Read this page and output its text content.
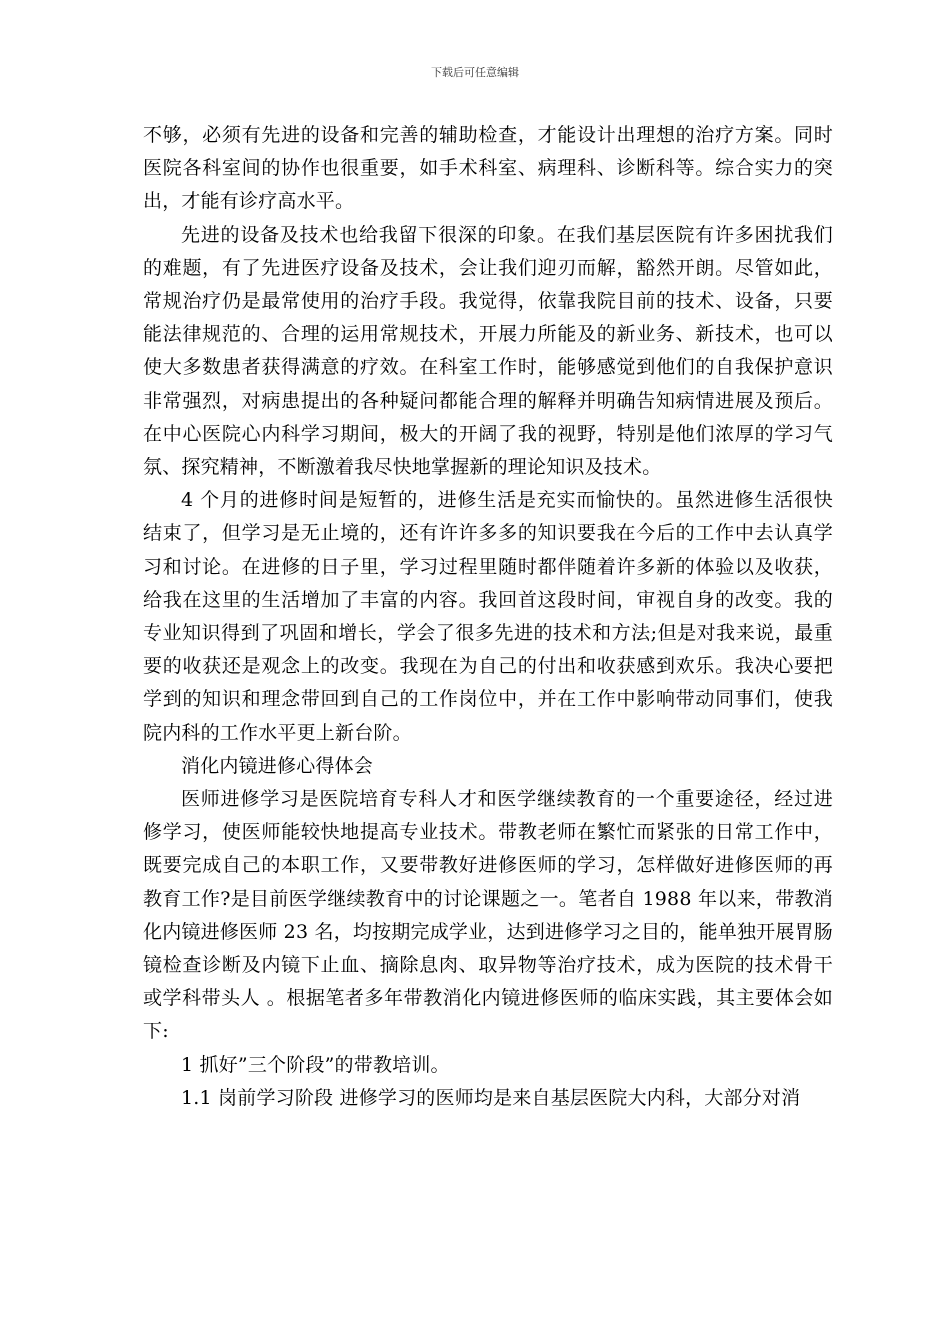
下载后可任意编辑

不够，必须有先进的设备和完善的辅助检查，才能设计出理想的治疗方案。同时医院各科室间的协作也很重要，如手术科室、病理科、诊断科等。综合实力的突出，才能有诊疗高水平。

先进的设备及技术也给我留下很深的印象。在我们基层医院有许多困扰我们的难题，有了先进医疗设备及技术，会让我们迎刃而解，豁然开朗。尽管如此，常规治疗仍是最常使用的治疗手段。我觉得，依靠我院目前的技术、设备，只要能法律规范的、合理的运用常规技术，开展力所能及的新业务、新技术，也可以使大多数患者获得满意的疗效。在科室工作时，能够感觉到他们的自我保护意识非常强烈，对病患提出的各种疑问都能合理的解释并明确告知病情进展及预后。在中心医院心内科学习期间，极大的开阔了我的视野，特别是他们浓厚的学习气氛、探究精神，不断激着我尽快地掌握新的理论知识及技术。

4 个月的进修时间是短暂的，进修生活是充实而愉快的。虽然进修生活很快结束了，但学习是无止境的，还有许许多多的知识要我在今后的工作中去认真学习和讨论。在进修的日子里，学习过程里随时都伴随着许多新的体验以及收获，给我在这里的生活增加了丰富的内容。我回首这段时间，审视自身的改变。我的专业知识得到了巩固和增长，学会了很多先进的技术和方法;但是对我来说，最重要的收获还是观念上的改变。我现在为自己的付出和收获感到欢乐。我决心要把学到的知识和理念带回到自己的工作岗位中，并在工作中影响带动同事们，使我院内科的工作水平更上新台阶。

消化内镜进修心得体会

医师进修学习是医院培育专科人才和医学继续教育的一个重要途径，经过进修学习，使医师能较快地提高专业技术。带教老师在繁忙而紧张的日常工作中，既要完成自己的本职工作，又要带教好进修医师的学习，怎样做好进修医师的再教育工作?是目前医学继续教育中的讨论课题之一。笔者自 1988 年以来，带教消化内镜进修医师 23 名，均按期完成学业，达到进修学习之目的，能单独开展胃肠镜检查诊断及内镜下止血、摘除息肉、取异物等治疗技术，成为医院的技术骨干或学科带头人 。根据笔者多年带教消化内镜进修医师的临床实践，其主要体会如下:

1 抓好”三个阶段”的带教培训。

1.1 岗前学习阶段 进修学习的医师均是来自基层医院大内科，大部分对消
